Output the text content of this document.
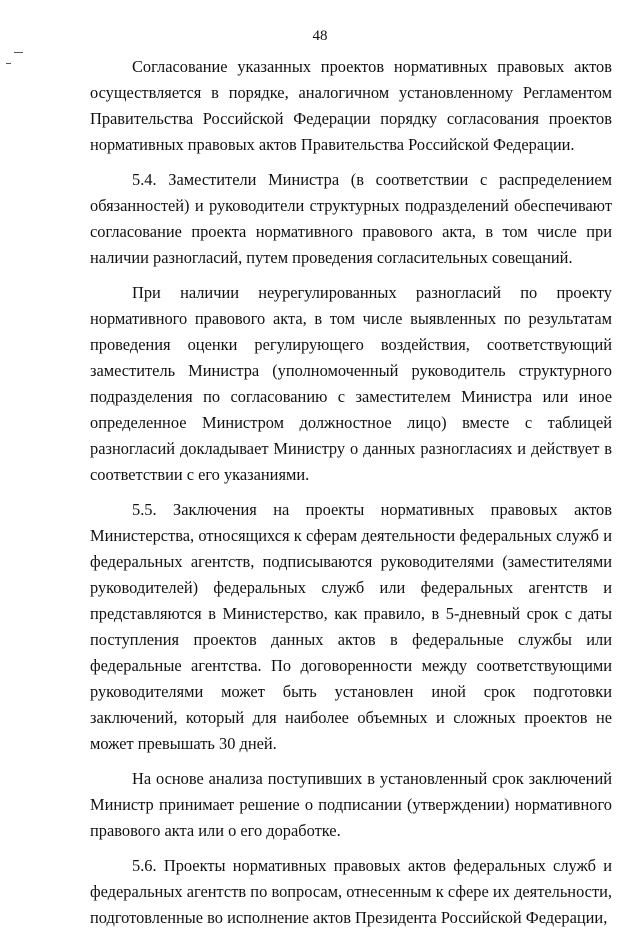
48

Согласование указанных проектов нормативных правовых актов осуществляется в порядке, аналогичном установленному Регламентом Правительства Российской Федерации порядку согласования проектов нормативных правовых актов Правительства Российской Федерации.

5.4. Заместители Министра (в соответствии с распределением обязанностей) и руководители структурных подразделений обеспечивают согласование проекта нормативного правового акта, в том числе при наличии разногласий, путем проведения согласительных совещаний.

При наличии неурегулированных разногласий по проекту нормативного правового акта, в том числе выявленных по результатам проведения оценки регулирующего воздействия, соответствующий заместитель Министра (уполномоченный руководитель структурного подразделения по согласованию с заместителем Министра или иное определенное Министром должностное лицо) вместе с таблицей разногласий докладывает Министру о данных разногласиях и действует в соответствии с его указаниями.

5.5. Заключения на проекты нормативных правовых актов Министерства, относящихся к сферам деятельности федеральных служб и федеральных агентств, подписываются руководителями (заместителями руководителей) федеральных служб или федеральных агентств и представляются в Министерство, как правило, в 5-дневный срок с даты поступления проектов данных актов в федеральные службы или федеральные агентства. По договоренности между соответствующими руководителями может быть установлен иной срок подготовки заключений, который для наиболее объемных и сложных проектов не может превышать 30 дней.

На основе анализа поступивших в установленный срок заключений Министр принимает решение о подписании (утверждении) нормативного правового акта или о его доработке.

5.6. Проекты нормативных правовых актов федеральных служб и федеральных агентств по вопросам, отнесенным к сфере их деятельности, подготовленные во исполнение актов Президента Российской Федерации,
